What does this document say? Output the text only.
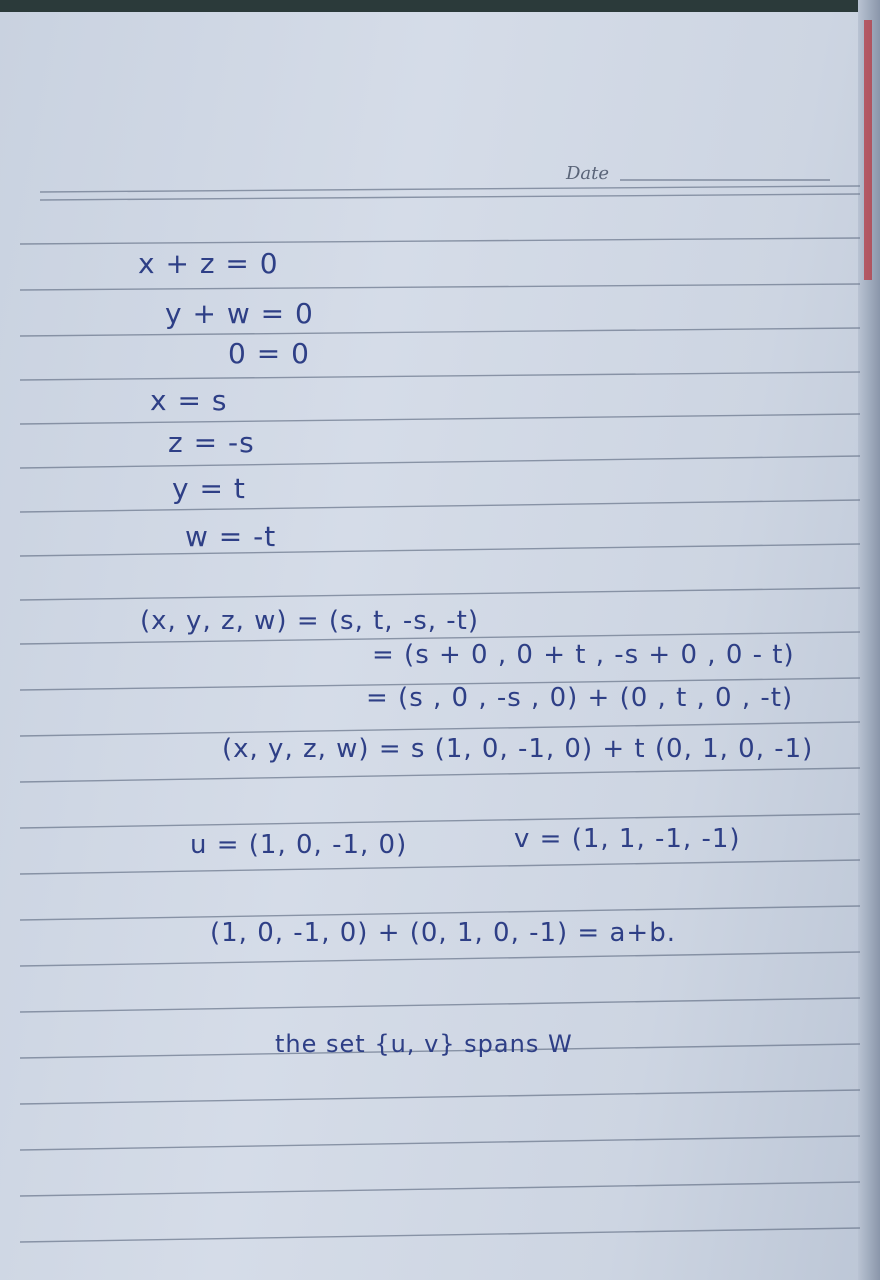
Date
x + z = 0
y + w = 0
0 = 0
x = s
z = -s
y = t
w = -t
(x, y, z, w) = (s, t, -s, -t)
= (s + 0 , 0 + t , -s + 0 , 0 - t)
= (s , 0 , -s , 0) + (0 , t , 0 , -t)
(x, y, z, w) = s (1, 0, -1, 0) + t (0, 1, 0, -1)
u = (1, 0, -1, 0)	v = (1, 1, -1, -1)
(1, 0, -1, 0) + (0, 1, 0, -1) = a+b.
the set {u, v} spans W
